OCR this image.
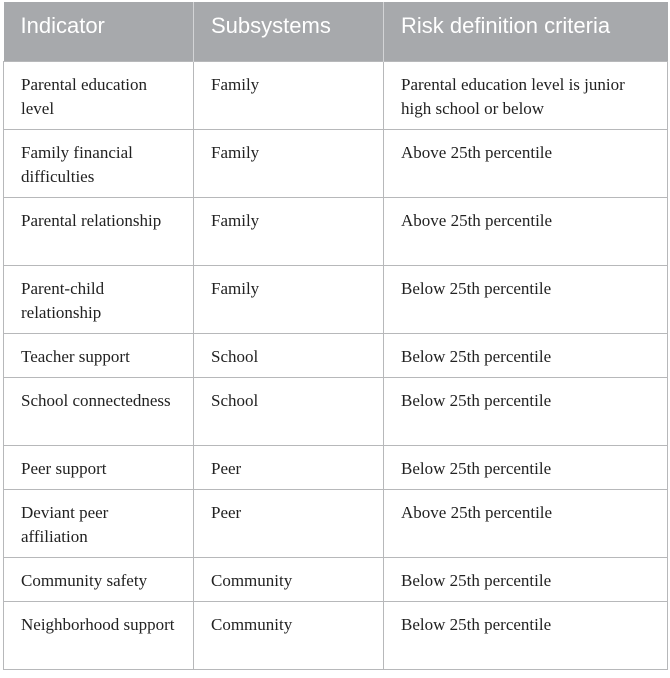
Indicator	Subsystems	Risk definition criteria
Parental education level	Family	Parental education level is junior high school or below
Family financial difficulties	Family	Above 25th percentile
Parental relationship	Family	Above 25th percentile
Parent-child relationship	Family	Below 25th percentile
Teacher support	School	Below 25th percentile
School connectedness	School	Below 25th percentile
Peer support	Peer	Below 25th percentile
Deviant peer affiliation	Peer	Above 25th percentile
Community safety	Community	Below 25th percentile
Neighborhood support	Community	Below 25th percentile
